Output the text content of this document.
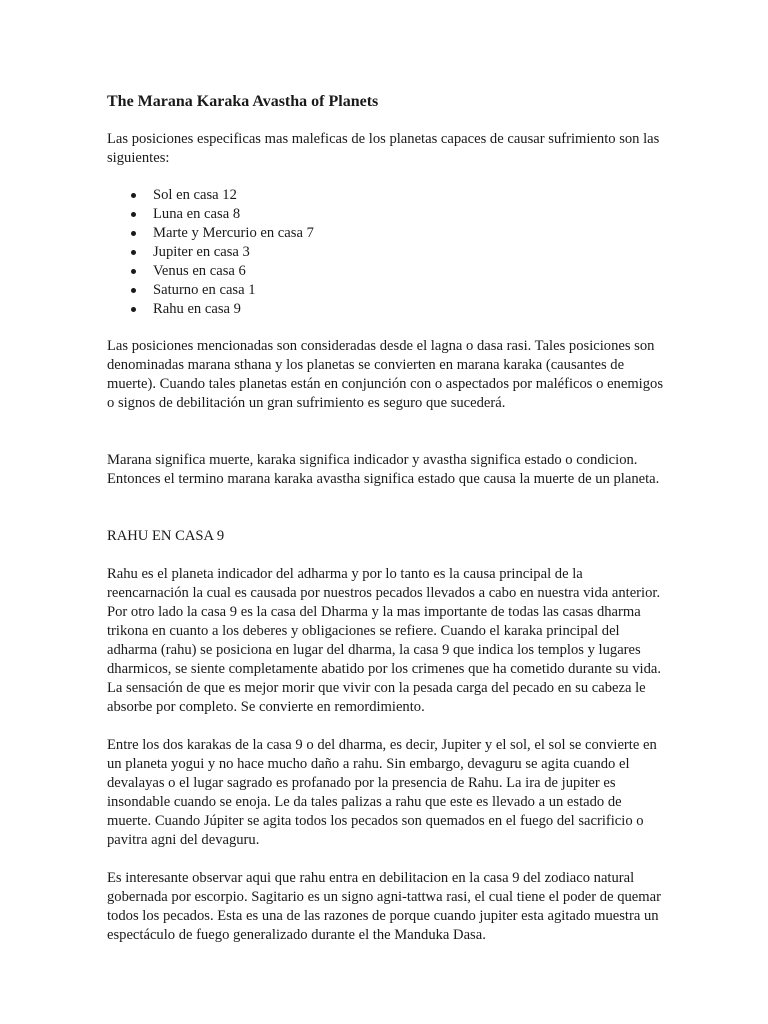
The Marana Karaka Avastha of Planets

Las posiciones especificas mas maleficas de los planetas capaces de causar sufrimiento son las siguientes:

Sol en casa 12
Luna en casa 8
Marte y Mercurio en casa 7
Jupiter en casa 3
Venus en casa 6
Saturno en casa 1
Rahu en casa 9

Las posiciones mencionadas son consideradas desde el lagna o dasa rasi. Tales posiciones son denominadas marana sthana y los planetas se convierten en marana karaka (causantes de muerte). Cuando tales planetas están en conjunción con o aspectados por maléficos o enemigos o signos de debilitación un gran sufrimiento es seguro que sucederá.

Marana significa muerte, karaka significa indicador y avastha significa estado o condicion. Entonces el termino marana karaka avastha significa estado que causa la muerte de un planeta.

RAHU EN CASA 9

Rahu es el planeta indicador del adharma y por lo tanto es la causa principal de la reencarnación la cual es causada por nuestros pecados llevados a cabo en nuestra vida anterior. Por otro lado la casa 9 es la casa del Dharma y la mas importante de todas las casas dharma trikona en cuanto a los deberes y obligaciones se refiere. Cuando el karaka principal del adharma (rahu) se posiciona en lugar del dharma, la casa 9 que indica los templos y lugares dharmicos, se siente completamente abatido por los crimenes que ha cometido durante su vida. La sensación de que es mejor morir que vivir con la pesada carga del pecado en su cabeza le absorbe por completo. Se convierte en remordimiento.

Entre los dos karakas de la casa 9 o del dharma, es decir, Jupiter y el sol, el sol se convierte en un planeta yogui y no hace mucho daño a rahu. Sin embargo, devaguru se agita cuando el devalayas o el lugar sagrado es profanado por la presencia de Rahu. La ira de jupiter es insondable cuando se enoja. Le da tales palizas a rahu que este es llevado a un estado de muerte. Cuando Júpiter se agita todos los pecados son quemados en el fuego del sacrificio o pavitra agni del devaguru.

Es interesante observar aqui que rahu entra en debilitacion en la casa 9 del zodiaco natural gobernada por escorpio. Sagitario es un signo agni-tattwa rasi, el cual tiene el poder de quemar todos los pecados. Esta es una de las razones de porque cuando jupiter esta agitado muestra un espectáculo de fuego generalizado durante el the Manduka Dasa.
